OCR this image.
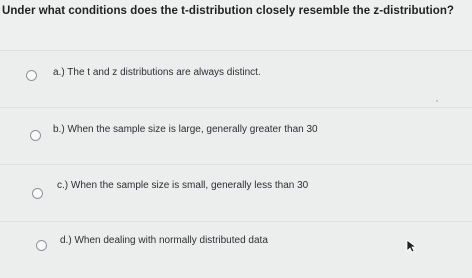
Under what conditions does the t-distribution closely resemble the z-distribution?
a.) The t and z distributions are always distinct.
b.) When the sample size is large, generally greater than 30
c.) When the sample size is small, generally less than 30
d.) When dealing with normally distributed data
